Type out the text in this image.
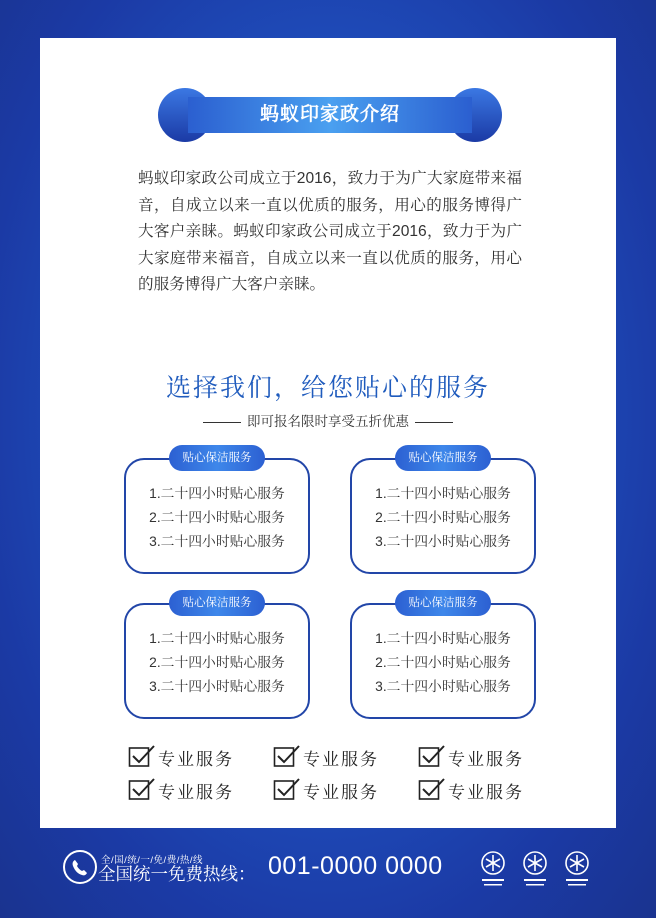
蚂蚁印家政介绍
蚂蚁印家政公司成立于2016，致力于为广大家庭带来福音，自成立以来一直以优质的服务，用心的服务博得广大客户亲睐。蚂蚁印家政公司成立于2016，致力于为广大家庭带来福音，自成立以来一直以优质的服务，用心的服务博得广大客户亲睐。
选择我们，给您贴心的服务
即可报名限时享受五折优惠
贴心保洁服务
1.二十四小时贴心服务
2.二十四小时贴心服务
3.二十四小时贴心服务
贴心保洁服务
1.二十四小时贴心服务
2.二十四小时贴心服务
3.二十四小时贴心服务
贴心保洁服务
1.二十四小时贴心服务
2.二十四小时贴心服务
3.二十四小时贴心服务
贴心保洁服务
1.二十四小时贴心服务
2.二十四小时贴心服务
3.二十四小时贴心服务
专业服务	专业服务	专业服务
专业服务	专业服务	专业服务
全/国/统/一/免/费/热/线
全国统一免费热线： 001-0000 0000
